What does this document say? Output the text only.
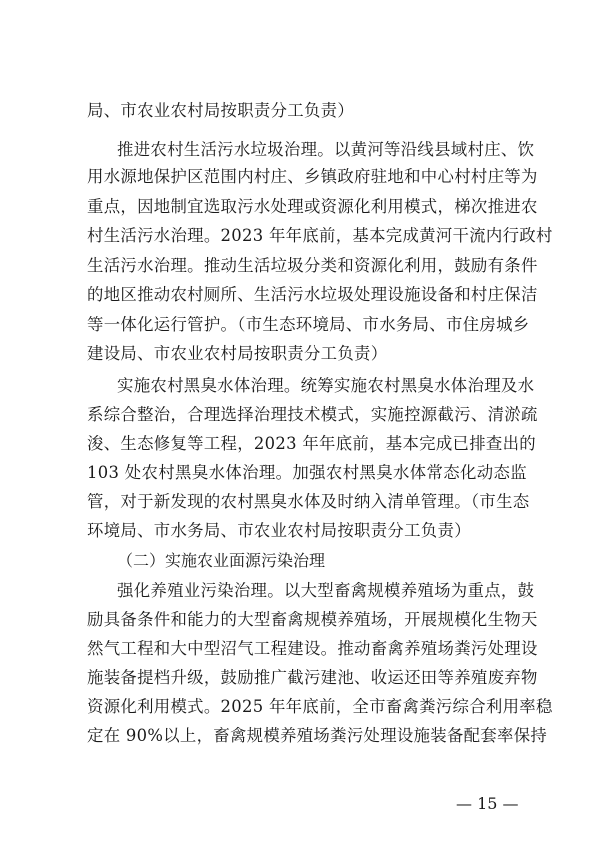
局、市农业农村局按职责分工负责）
推进农村生活污水垃圾治理。以黄河等沿线县域村庄、饮
用水源地保护区范围内村庄、乡镇政府驻地和中心村村庄等为
重点，因地制宜选取污水处理或资源化利用模式，梯次推进农
村生活污水治理。2023 年年底前，基本完成黄河干流内行政村
生活污水治理。推动生活垃圾分类和资源化利用，鼓励有条件
的地区推动农村厕所、生活污水垃圾处理设施设备和村庄保洁
等一体化运行管护。（市生态环境局、市水务局、市住房城乡
建设局、市农业农村局按职责分工负责）
实施农村黑臭水体治理。统筹实施农村黑臭水体治理及水
系综合整治，合理选择治理技术模式，实施控源截污、清淤疏
浚、生态修复等工程，2023 年年底前，基本完成已排查出的
103 处农村黑臭水体治理。加强农村黑臭水体常态化动态监
管，对于新发现的农村黑臭水体及时纳入清单管理。（市生态
环境局、市水务局、市农业农村局按职责分工负责）
（二）实施农业面源污染治理
强化养殖业污染治理。以大型畜禽规模养殖场为重点，鼓
励具备条件和能力的大型畜禽规模养殖场，开展规模化生物天
然气工程和大中型沼气工程建设。推动畜禽养殖场粪污处理设
施装备提档升级，鼓励推广截污建池、收运还田等养殖废弃物
资源化利用模式。2025 年年底前，全市畜禽粪污综合利用率稳
定在 90%以上，畜禽规模养殖场粪污处理设施装备配套率保持
— 15 —
